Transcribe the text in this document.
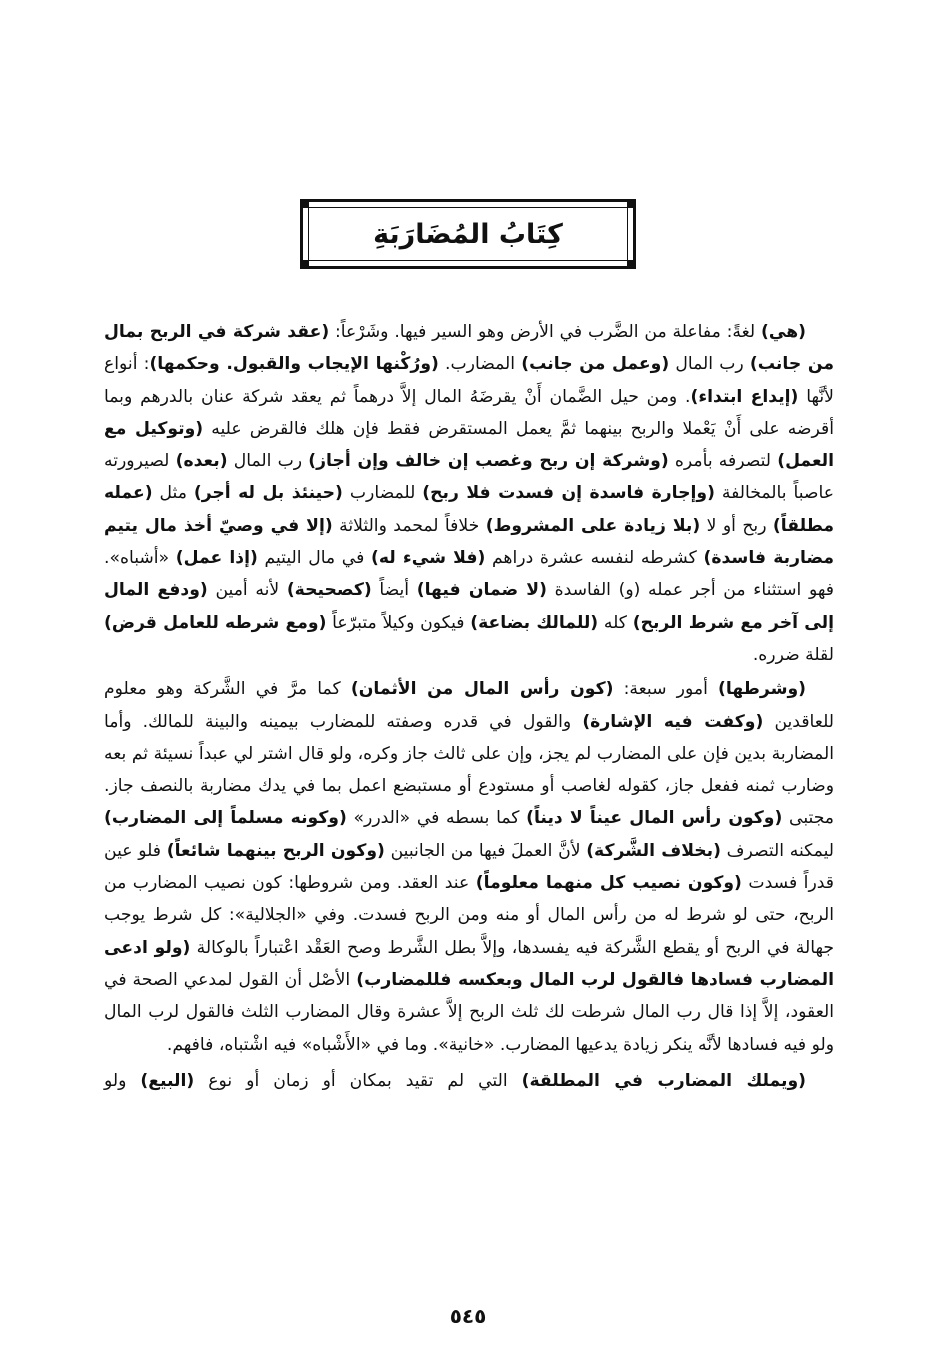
كِتَابُ المُضَارَبَةِ

(هي) لغةً: مفاعلة من الضَّرب في الأرض وهو السير فيها. وشَرْعاً: (عقد شركة في الربح بمال من جانب) رب المال (وعمل من جانب) المضارب. (ورُكْنها الإيجاب والقبول. وحكمها): أنواع لأنَّها (إيداع ابتداء). ومن حيل الضَّمان أَنْ يقرضَهُ المال إلاَّ درهماً ثم يعقد شركة عنان بالدرهم وبما أقرضه على أَنْ يَعْملا والربح بينهما ثمَّ يعمل المستقرض فقط فإن هلك فالقرض عليه (وتوكيل مع العمل) لتصرفه بأمره (وشركة إن ربح وغصب إن خالف وإن أجاز) رب المال (بعده) لصيرورته عاصباً بالمخالفة (وإجارة فاسدة إن فسدت فلا ربح) للمضارب (حينئذ بل له أجر) مثل (عمله مطلقاً) ربح أو لا (بلا زيادة على المشروط) خلافاً لمحمد والثلاثة (إلا في وصيّ أخذ مال يتيم مضاربة فاسدة) كشرطه لنفسه عشرة دراهم (فلا شيء له) في مال اليتيم (إذا عمل) «أشباه». فهو استثناء من أجر عمله (و) الفاسدة (لا ضمان فيها) أيضاً (كصحيحة) لأنه أمين (ودفع المال إلى آخر مع شرط الربح) كله (للمالك بضاعة) فيكون وكيلاً متبرّعاً (ومع شرطه للعامل قرض) لقلة ضرره.

(وشرطها) أمور سبعة: (كون رأس المال من الأثمان) كما مرَّ في الشَّركة وهو معلوم للعاقدين (وكفت فيه الإشارة) والقول في قدره وصفته للمضارب بيمينه والبينة للمالك. وأما المضاربة بدين فإن على المضارب لم يجز، وإن على ثالث جاز وكره، ولو قال اشتر لي عبداً نسيئة ثم بعه وضارب ثمنه ففعل جاز، كقوله لغاصب أو مستودع أو مستبضع اعمل بما في يدك مضاربة بالنصف جاز. مجتبى (وكون رأس المال عيناً لا ديناً) كما بسطه في «الدرر» (وكونه مسلماً إلى المضارب) ليمكنه التصرف (بخلاف الشَّركة) لأنَّ العملَ فيها من الجانبين (وكون الربح بينهما شائعاً) فلو عين قدراً فسدت (وكون نصيب كل منهما معلوماً) عند العقد. ومن شروطها: كون نصيب المضارب من الربح، حتى لو شرط له من رأس المال أو منه ومن الربح فسدت. وفي «الجلالية»: كل شرط يوجب جهالة في الربح أو يقطع الشَّركة فيه يفسدها، وإلاَّ بطل الشَّرط وصح العَقْد اعْتباراً بالوكالة (ولو ادعى المضارب فسادها فالقول لرب المال وبعكسه فللمضارب) الأصْل أن القول لمدعي الصحة في العقود، إلاَّ إذا قال رب المال شرطت لك ثلث الربح إلاَّ عشرة وقال المضارب الثلث فالقول لرب المال ولو فيه فسادها لأنَّه ينكر زيادة يدعيها المضارب. «خانية». وما في «الأَشْباه» فيه اشْتباه، فافهم.

(ويملك المضارب في المطلقة) التي لم تقيد بمكان أو زمان أو نوع (البيع) ولو

٥٤٥
